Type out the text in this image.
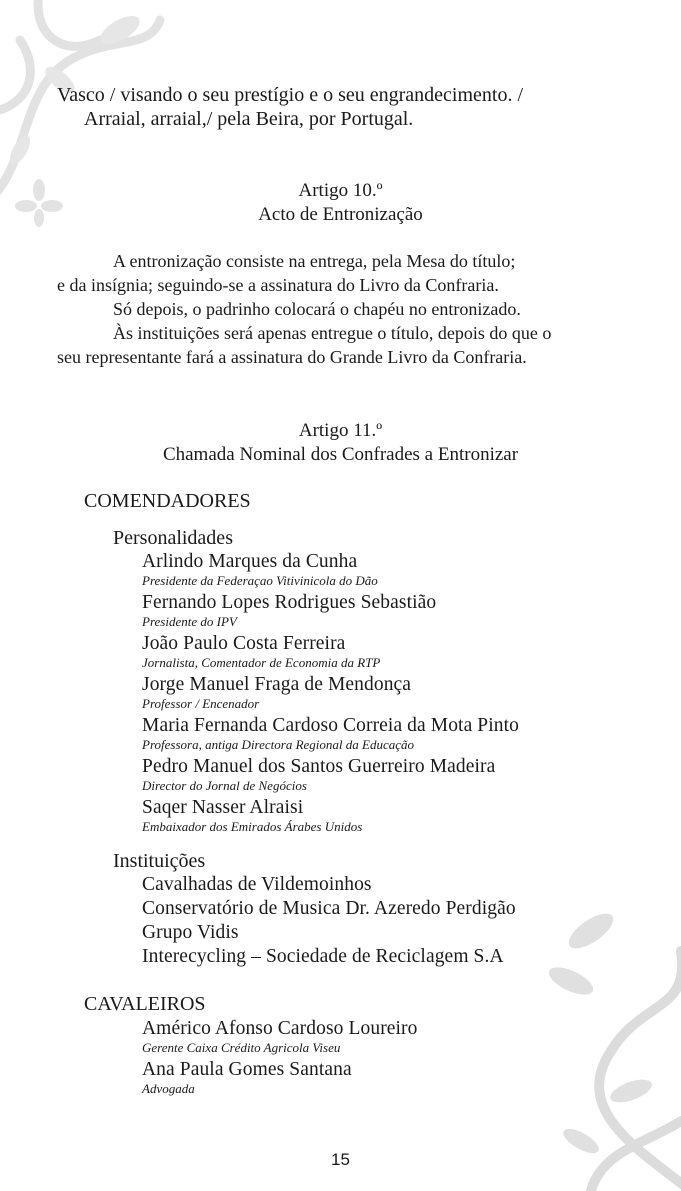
Vasco / visando o seu prestígio e o seu engrandecimento. /
Arraial, arraial,/ pela Beira, por Portugal.
Artigo 10.º
Acto de Entronização
A entronização consiste na entrega, pela Mesa do título;
e da insígnia; seguindo-se a assinatura do Livro da Confraria.
Só depois, o padrinho colocará o chapéu no entronizado.
Às instituições será apenas entregue o título, depois do que o
seu representante fará a assinatura do Grande Livro da Confraria.
Artigo 11.º
Chamada Nominal dos Confrades a Entronizar
COMENDADORES
Personalidades
Arlindo Marques da Cunha
Presidente da Federaçao Vitivinicola do Dão
Fernando Lopes Rodrigues Sebastião
Presidente do IPV
João Paulo Costa Ferreira
Jornalista, Comentador de Economia da RTP
Jorge Manuel Fraga de Mendonça
Professor / Encenador
Maria Fernanda Cardoso Correia da Mota Pinto
Professora, antiga Directora Regional da Educação
Pedro Manuel dos Santos Guerreiro Madeira
Director do Jornal de Negócios
Saqer Nasser Alraisi
Embaixador dos Emirados Árabes Unidos
Instituições
Cavalhadas de Vildemoinhos
Conservatório de Musica Dr. Azeredo Perdigão
Grupo Vidis
Interecycling – Sociedade de Reciclagem S.A
CAVALEIROS
Américo Afonso Cardoso Loureiro
Gerente Caixa Crédito Agricola Viseu
Ana Paula Gomes Santana
Advogada
15
